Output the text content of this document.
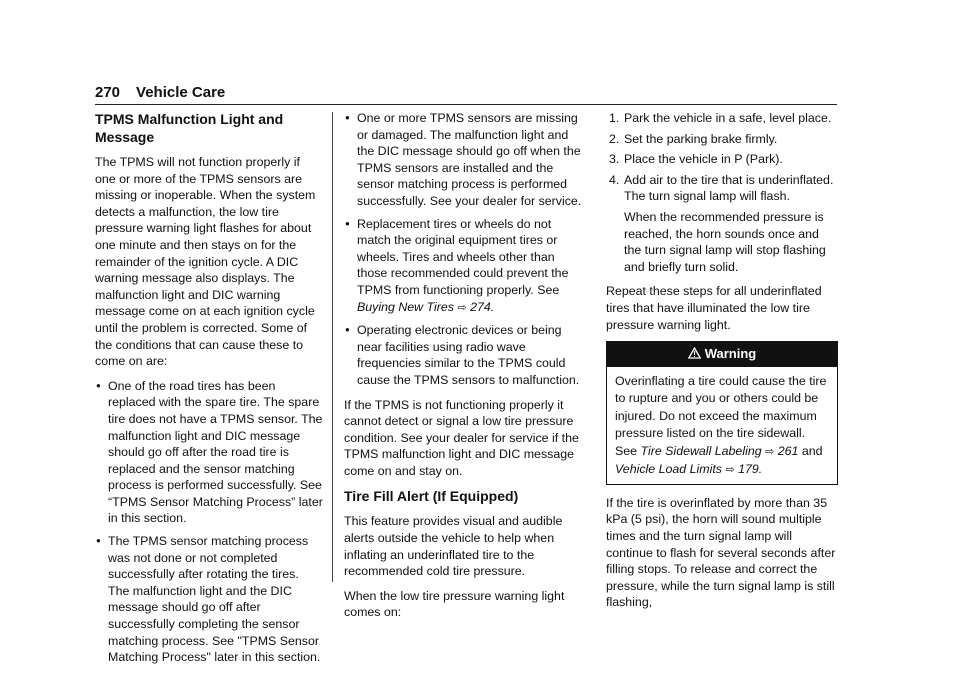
270 Vehicle Care
TPMS Malfunction Light and Message

The TPMS will not function properly if one or more of the TPMS sensors are missing or inoperable. When the system detects a malfunction, the low tire pressure warning light flashes for about one minute and then stays on for the remainder of the ignition cycle. A DIC warning message also displays. The malfunction light and DIC warning message come on at each ignition cycle until the problem is corrected. Some of the conditions that can cause these to come on are:

● One of the road tires has been replaced with the spare tire. The spare tire does not have a TPMS sensor. The malfunction light and DIC message should go off after the road tire is replaced and the sensor matching process is performed successfully. See “TPMS Sensor Matching Process” later in this section.
● The TPMS sensor matching process was not done or not completed successfully after rotating the tires. The malfunction light and the DIC message should go off after successfully completing the sensor matching process. See "TPMS Sensor Matching Process" later in this section.
● One or more TPMS sensors are missing or damaged. The malfunction light and the DIC message should go off when the TPMS sensors are installed and the sensor matching process is performed successfully. See your dealer for service.
● Replacement tires or wheels do not match the original equipment tires or wheels. Tires and wheels other than those recommended could prevent the TPMS from functioning properly. See Buying New Tires ⇨ 274.
● Operating electronic devices or being near facilities using radio wave frequencies similar to the TPMS could cause the TPMS sensors to malfunction.

If the TPMS is not functioning properly it cannot detect or signal a low tire pressure condition. See your dealer for service if the TPMS malfunction light and DIC message come on and stay on.

Tire Fill Alert (If Equipped)

This feature provides visual and audible alerts outside the vehicle to help when inflating an underinflated tire to the recommended cold tire pressure.

When the low tire pressure warning light comes on:

1. Park the vehicle in a safe, level place.
2. Set the parking brake firmly.
3. Place the vehicle in P (Park).
4. Add air to the tire that is underinflated. The turn signal lamp will flash.

When the recommended pressure is reached, the horn sounds once and the turn signal lamp will stop flashing and briefly turn solid.

Repeat these steps for all underinflated tires that have illuminated the low tire pressure warning light.

Warning
Overinflating a tire could cause the tire to rupture and you or others could be injured. Do not exceed the maximum pressure listed on the tire sidewall. See Tire Sidewall Labeling ⇨ 261 and Vehicle Load Limits ⇨ 179.

If the tire is overinflated by more than 35 kPa (5 psi), the horn will sound multiple times and the turn signal lamp will continue to flash for several seconds after filling stops. To release and correct the pressure, while the turn signal lamp is still flashing,
